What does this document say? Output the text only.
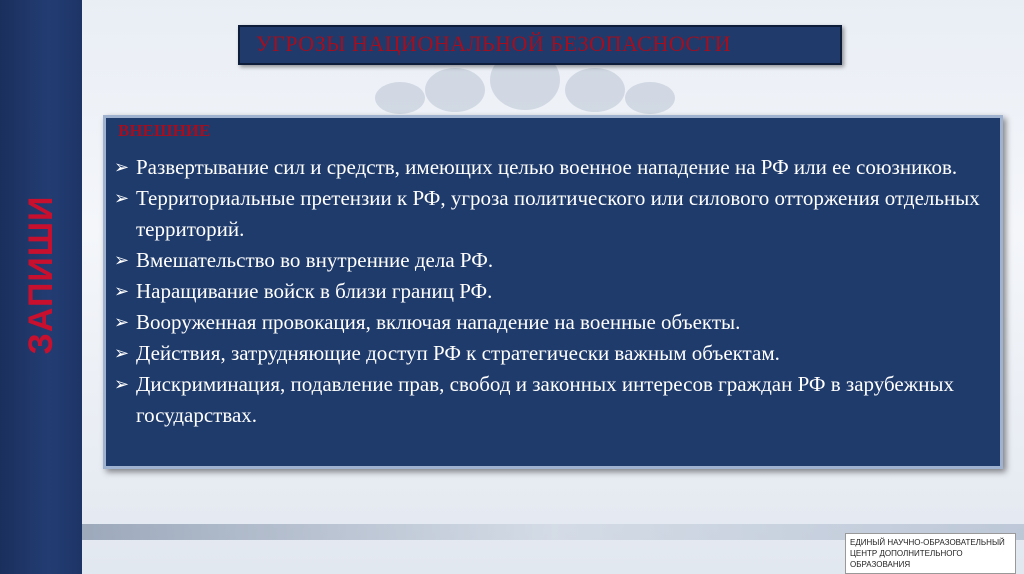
ЗАПИШИ
УГРОЗЫ НАЦИОНАЛЬНОЙ БЕЗОПАСНОСТИ
ВНЕШНИЕ
➢ Развертывание сил и средств, имеющих целью военное нападение на РФ или ее союзников.
➢ Территориальные претензии к РФ, угроза политического или силового отторжения отдельных территорий.
➢ Вмешательство во внутренние дела РФ.
➢ Наращивание войск в близи границ РФ.
➢ Вооруженная провокация, включая нападение на военные объекты.
➢ Действия, затрудняющие доступ РФ к стратегически важным объектам.
➢ Дискриминация, подавление прав, свобод и законных интересов граждан РФ в зарубежных государствах.
ЕДИНЫЙ НАУЧНО-ОБРАЗОВАТЕЛЬНЫЙ
ЦЕНТР ДОПОЛНИТЕЛЬНОГО
ОБРАЗОВАНИЯ
